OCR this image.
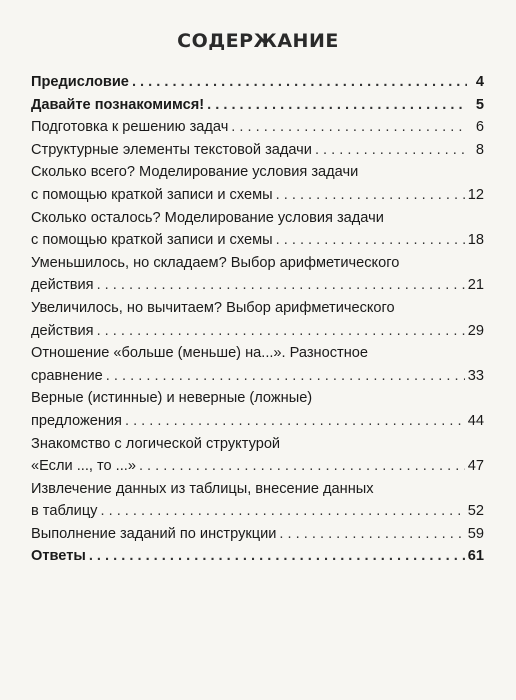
СОДЕРЖАНИЕ
Предисловие . . .	4
Давайте познакомимся! . . .	5
Подготовка к решению задач . . .	6
Структурные элементы текстовой задачи . . .	8
Сколько всего? Моделирование условия задачи
с помощью краткой записи и схемы . . .	12
Сколько осталось? Моделирование условия задачи
с помощью краткой записи и схемы . . .	18
Уменьшилось, но складаем? Выбор арифметического
действия . . .	21
Увеличилось, но вычитаем? Выбор арифметического
действия . . .	29
Отношение «больше (меньше) на...». Разностное
сравнение . . .	33
Верные (истинные) и неверные (ложные)
предложения . . .	44
Знакомство с логической структурой
«Если ..., то ...» . . .	47
Извлечение данных из таблицы, внесение данных
в таблицу . . .	52
Выполнение заданий по инструкции . . .	59
Ответы . . .	61
